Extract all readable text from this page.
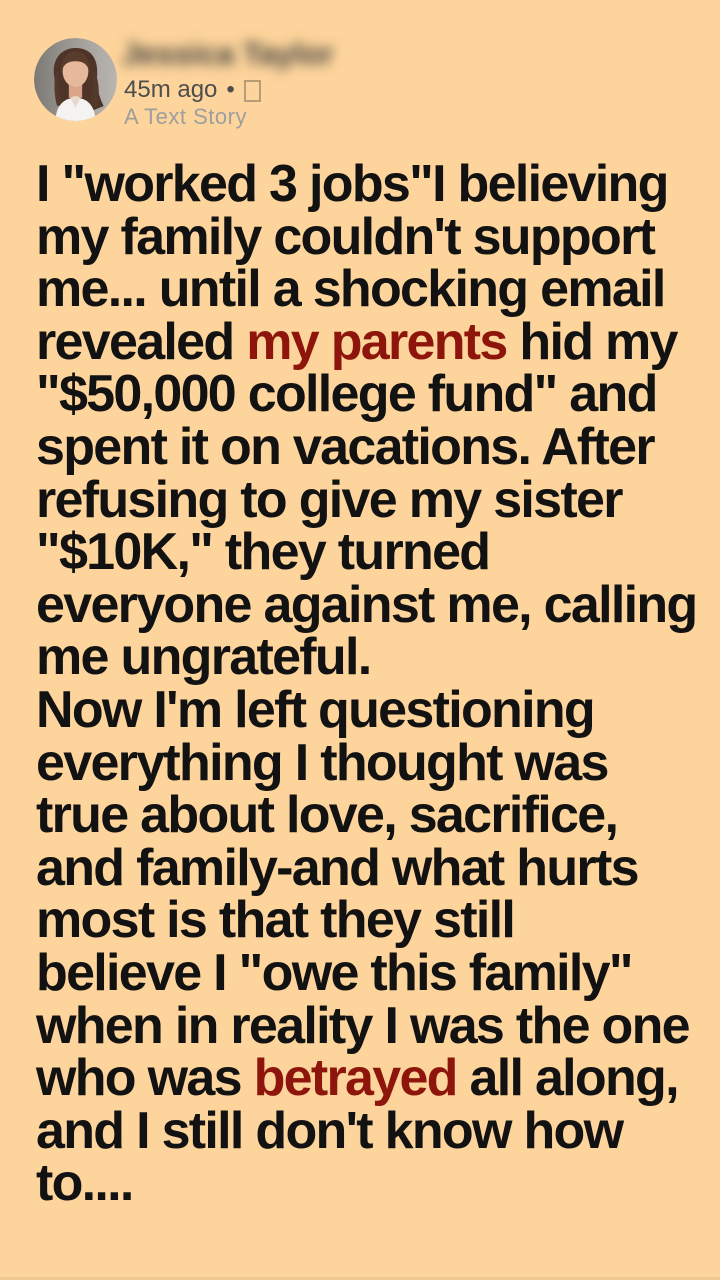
Jessica Taylor
45m ago •
A Text Story
I "worked 3 jobs"I believing
my family couldn't support
me... until a shocking email
revealed my parents hid my
"$50,000 college fund" and
spent it on vacations. After
refusing to give my sister
"$10K," they turned
everyone against me, calling
me ungrateful.
Now I'm left questioning
everything I thought was
true about love, sacrifice,
and family-and what hurts
most is that they still
believe I "owe this family"
when in reality I was the one
who was betrayed all along,
and I still don't know how
to....
